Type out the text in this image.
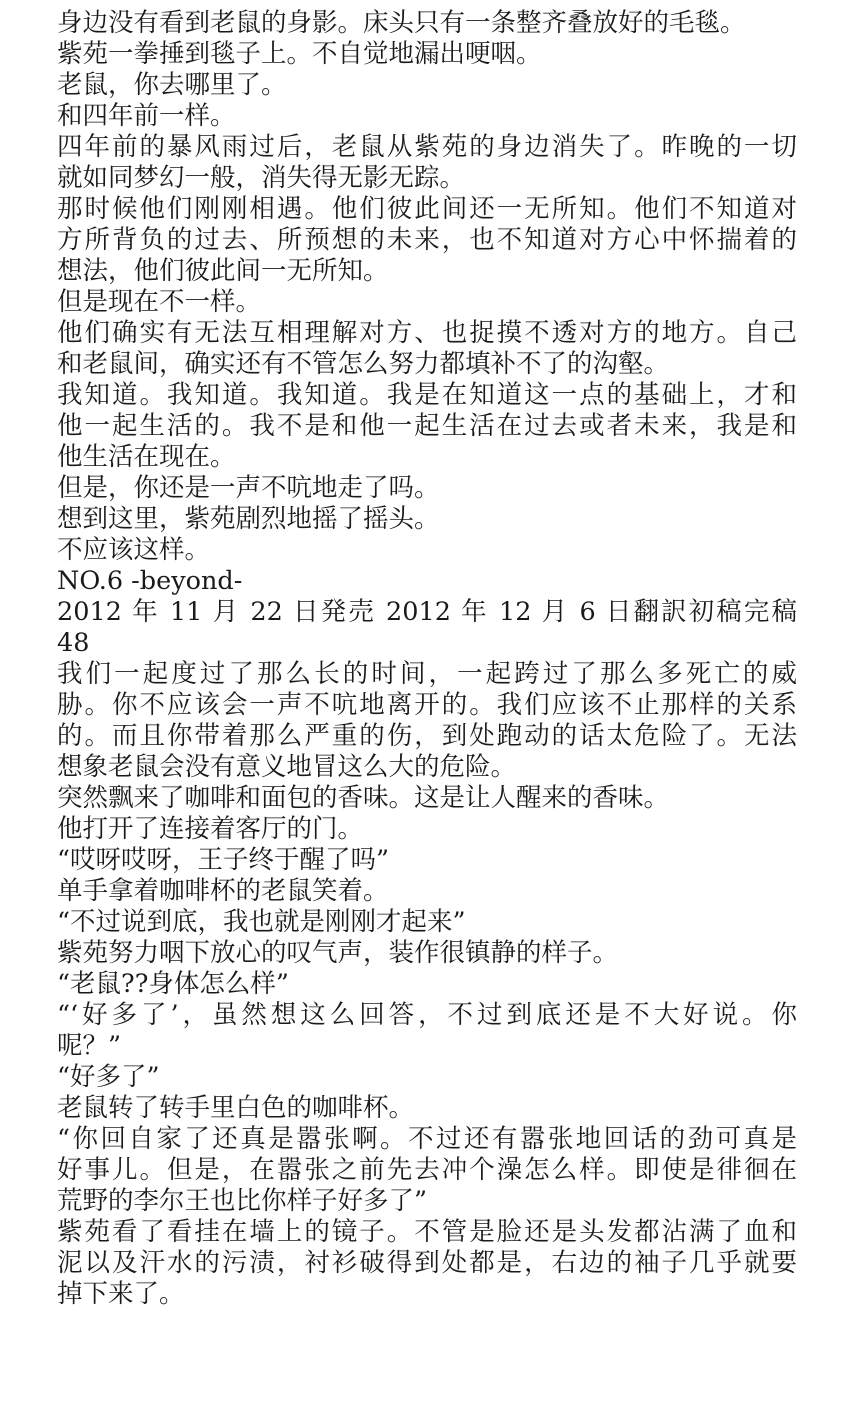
身边没有看到老鼠的身影。床头只有一条整齐叠放好的毛毯。
紫苑一拳捶到毯子上。不自觉地漏出哽咽。
老鼠，你去哪里了。
和四年前一样。
四年前的暴风雨过后，老鼠从紫苑的身边消失了。昨晚的一切
就如同梦幻一般，消失得无影无踪。
那时候他们刚刚相遇。他们彼此间还一无所知。他们不知道对
方所背负的过去、所预想的未来，也不知道对方心中怀揣着的
想法，他们彼此间一无所知。
但是现在不一样。
他们确实有无法互相理解对方、也捉摸不透对方的地方。自己
和老鼠间，确实还有不管怎么努力都填补不了的沟壑。
我知道。我知道。我知道。我是在知道这一点的基础上，才和
他一起生活的。我不是和他一起生活在过去或者未来，我是和
他生活在现在。
但是，你还是一声不吭地走了吗。
想到这里，紫苑剧烈地摇了摇头。
不应该这样。
NO.6 -beyond-
2012 年 11 月 22 日発売 2012 年 12 月 6 日翻訳初稿完稿
48
我们一起度过了那么长的时间，一起跨过了那么多死亡的威
胁。你不应该会一声不吭地离开的。我们应该不止那样的关系
的。而且你带着那么严重的伤，到处跑动的话太危险了。无法
想象老鼠会没有意义地冒这么大的危险。
突然飘来了咖啡和面包的香味。这是让人醒来的香味。
他打开了连接着客厅的门。
“哎呀哎呀，王子终于醒了吗”
单手拿着咖啡杯的老鼠笑着。
“不过说到底，我也就是刚刚才起来”
紫苑努力咽下放心的叹气声，装作很镇静的样子。
“老鼠??身体怎么样”
“‘好多了’，虽然想这么回答，不过到底还是不大好说。你
呢？”
“好多了”
老鼠转了转手里白色的咖啡杯。
“你回自家了还真是嚣张啊。不过还有嚣张地回话的劲可真是
好事儿。但是，在嚣张之前先去冲个澡怎么样。即使是徘徊在
荒野的李尔王也比你样子好多了”
紫苑看了看挂在墙上的镜子。不管是脸还是头发都沾满了血和
泥以及汗水的污渍，衬衫破得到处都是，右边的袖子几乎就要
掉下来了。
